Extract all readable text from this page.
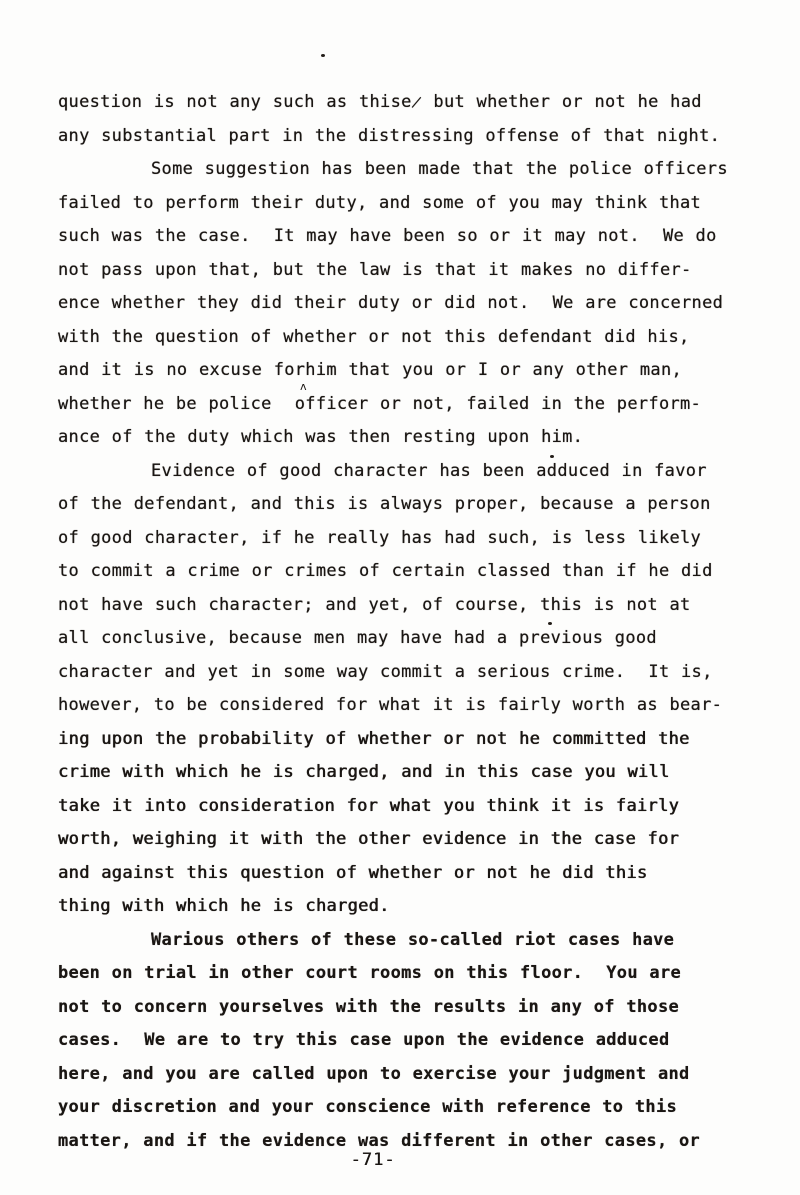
question is not any such as thise̷ but whether or not he had
any substantial part in the distressing offense of that night.
Some suggestion has been made that the police officers
failed to perform their duty, and some of you may think that
such was the case.  It may have been so or it may not.  We do
not pass upon that, but the law is that it makes no differ-
ence whether they did their duty or did not.  We are concerned
with the question of whether or not this defendant did his,
and it is no excuse forhim that you or I or any other man,
whether he be police  officer or not, failed in the perform-
ance of the duty which was then resting upon him.
Evidence of good character has been adduced in favor
of the defendant, and this is always proper, because a person
of good character, if he really has had such, is less likely
to commit a crime or crimes of certain classed than if he did
not have such character; and yet, of course, this is not at
all conclusive, because men may have had a previous good
character and yet in some way commit a serious crime.  It is,
however, to be considered for what it is fairly worth as bear-
ing upon the probability of whether or not he committed the
crime with which he is charged, and in this case you will
take it into consideration for what you think it is fairly
worth, weighing it with the other evidence in the case for
and against this question of whether or not he did this
thing with which he is charged.
Warious others of these so-called riot cases have
been on trial in other court rooms on this floor.  You are
not to concern yourselves with the results in any of those
cases.  We are to try this case upon the evidence adduced
here, and you are called upon to exercise your judgment and
your discretion and your conscience with reference to this
matter, and if the evidence was different in other cases, or
-71-
ʌ
